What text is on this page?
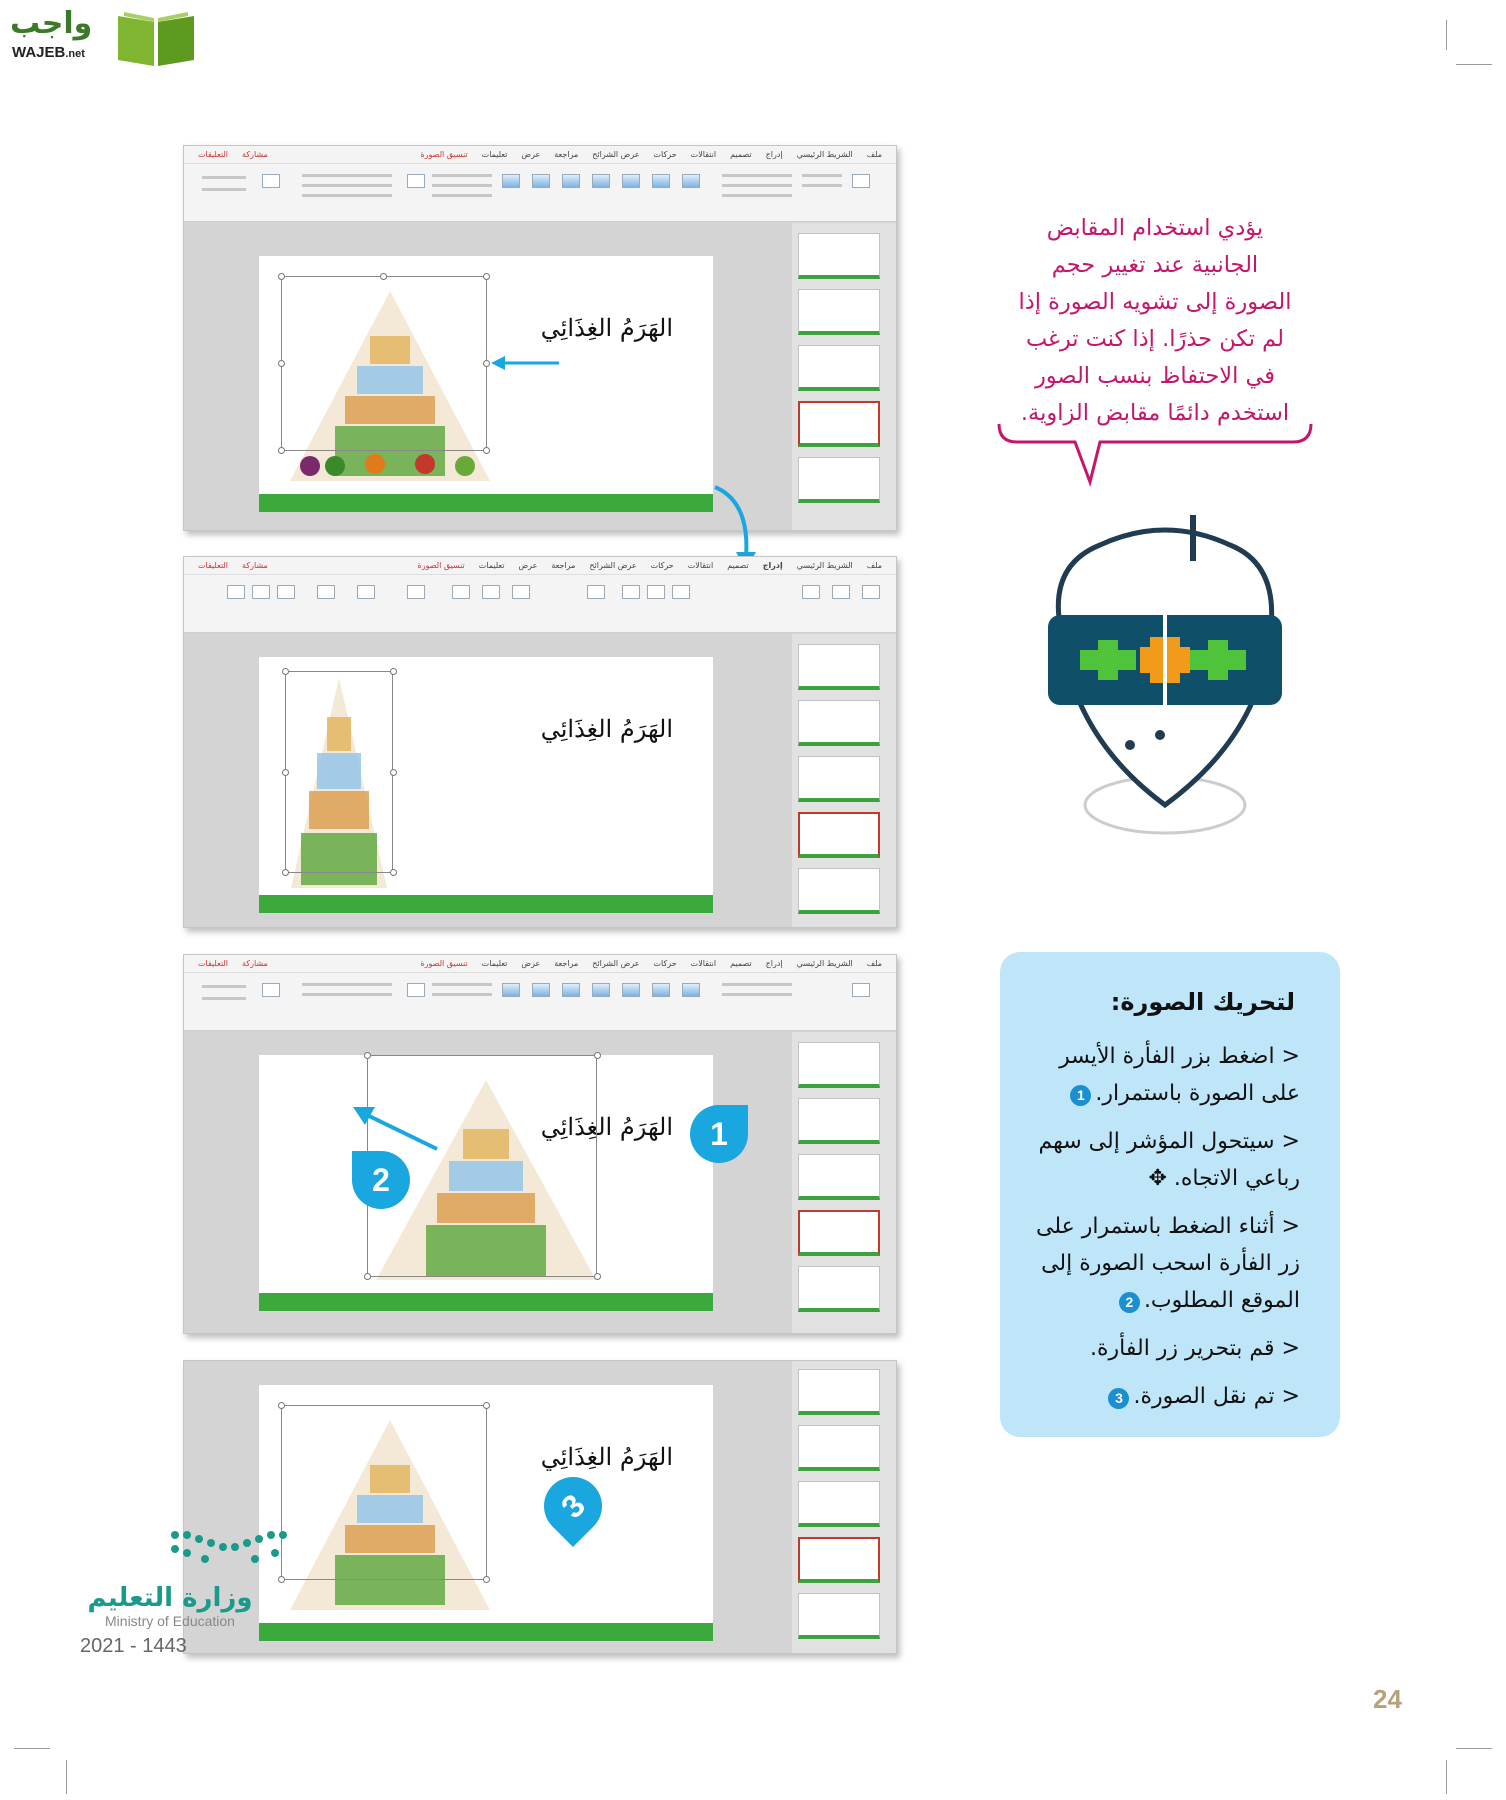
واجب
WAJEB.net
ملف
الشريط الرئيسي
إدراج
تصميم
انتقالات
حركات
عرض الشرائح
مراجعة
عرض
تعليمات
تنسيق الصورة
مشاركة
التعليقات
الهَرَمُ الغِذَائِي
ملف
الشريط الرئيسي
إدراج
تصميم
انتقالات
حركات
عرض الشرائح
مراجعة
عرض
تعليمات
تنسيق الصورة
مشاركة
التعليقات
الهَرَمُ الغِذَائِي
ملف
الشريط الرئيسي
إدراج
تصميم
انتقالات
حركات
عرض الشرائح
مراجعة
عرض
تعليمات
تنسيق الصورة
مشاركة
التعليقات
الهَرَمُ الغِذَائِي	1
2
الهَرَمُ الغِذَائِي
3
يؤدي استخدام المقابض
الجانبية عند تغيير حجم
الصورة إلى تشويه الصورة إذا
لم تكن حذرًا. إذا كنت ترغب
في الاحتفاظ بنسب الصور
استخدم دائمًا مقابض الزاوية.
لتحريك الصورة:
< اضغط بزر الفأرة الأيسر على الصورة باستمرار.1
< سيتحول المؤشر إلى سهم رباعي الاتجاه. ✥
< أثناء الضغط باستمرار على زر الفأرة اسحب الصورة إلى الموقع المطلوب.2
< قم بتحرير زر الفأرة.
< تم نقل الصورة.3
وزارة التعليم
Ministry of Education
2021 - 1443
24
